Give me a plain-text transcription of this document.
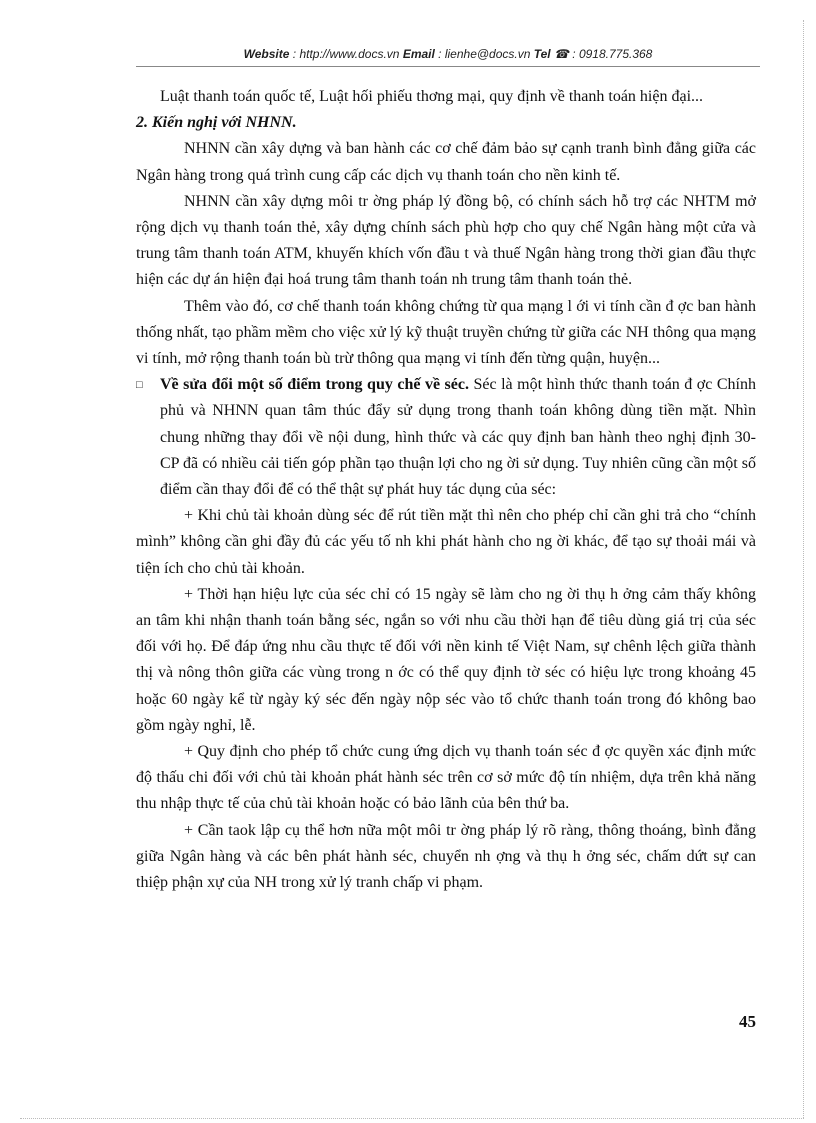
Website : http://www.docs.vn Email : lienhe@docs.vn Tel ☎ : 0918.775.368

Luật thanh toán quốc tế, Luật hối phiếu thơng mại, quy định về thanh toán hiện đại...

2. Kiến nghị với NHNN.

NHNN cần xây dựng và ban hành các cơ chế đảm bảo sự cạnh tranh bình đẳng giữa các Ngân hàng trong quá trình cung cấp các dịch vụ thanh toán cho nền kinh tế.

NHNN cần xây dựng môi tr ờng pháp lý đồng bộ, có chính sách hỗ trợ các NHTM mở rộng dịch vụ thanh toán thẻ, xây dựng chính sách phù hợp cho quy chế Ngân hàng một cửa và trung tâm thanh toán ATM, khuyến khích vốn đầu t và thuế Ngân hàng trong thời gian đầu thực hiện các dự án hiện đại hoá trung tâm thanh toán nh trung tâm thanh toán thẻ.

Thêm vào đó, cơ chế thanh toán không chứng từ qua mạng l ới vi tính cần đ ợc ban hành thống nhất, tạo phầm mềm cho việc xử lý kỹ thuật truyền chứng từ giữa các NH thông qua mạng vi tính, mở rộng thanh toán bù trừ thông qua mạng vi tính đến từng quận, huyện...

□	Về sửa đổi một số điểm trong quy chế về séc. Séc là một hình thức thanh toán đ ợc Chính phủ và NHNN quan tâm thúc đẩy sử dụng trong thanh toán không dùng tiền mặt. Nhìn chung những thay đổi về nội dung, hình thức và các quy định ban hành theo nghị định 30-CP đã có nhiều cải tiến góp phần tạo thuận lợi cho ng ời sử dụng. Tuy nhiên cũng cần một số điểm cần thay đổi để có thể thật sự phát huy tác dụng của séc:

+ Khi chủ tài khoản dùng séc để rút tiền mặt thì nên cho phép chỉ cần ghi trả cho “chính mình” không cần ghi đầy đủ các yếu tố nh khi phát hành cho ng ời khác, để tạo sự thoải mái và tiện ích cho chủ tài khoản.

+ Thời hạn hiệu lực của séc chỉ có 15 ngày sẽ làm cho ng ời thụ h ởng cảm thấy không an tâm khi nhận thanh toán bằng séc, ngắn so với nhu cầu thời hạn để tiêu dùng giá trị của séc đối với họ. Để đáp ứng nhu cầu thực tế đối với nền kinh tế Việt Nam, sự chênh lệch giữa thành thị và nông thôn giữa các vùng trong n ớc có thể quy định tờ séc có hiệu lực trong khoảng 45 hoặc 60 ngày kể từ ngày ký séc đến ngày nộp séc vào tổ chức thanh toán trong đó không bao gồm ngày nghỉ, lễ.

+ Quy định cho phép tổ chức cung ứng dịch vụ thanh toán séc đ ợc quyền xác định mức độ thấu chi đối với chủ tài khoản phát hành séc trên cơ sở mức độ tín nhiệm, dựa trên khả năng thu nhập thực tế của chủ tài khoản hoặc có bảo lãnh của bên thứ ba.

+ Cần taok lập cụ thể hơn nữa một môi tr ờng pháp lý rõ ràng, thông thoáng, bình đẳng giữa Ngân hàng và các bên phát hành séc, chuyển nh ợng và thụ h ởng séc, chấm dứt sự can thiệp phận xự của NH trong xử lý tranh chấp vi phạm.

45
